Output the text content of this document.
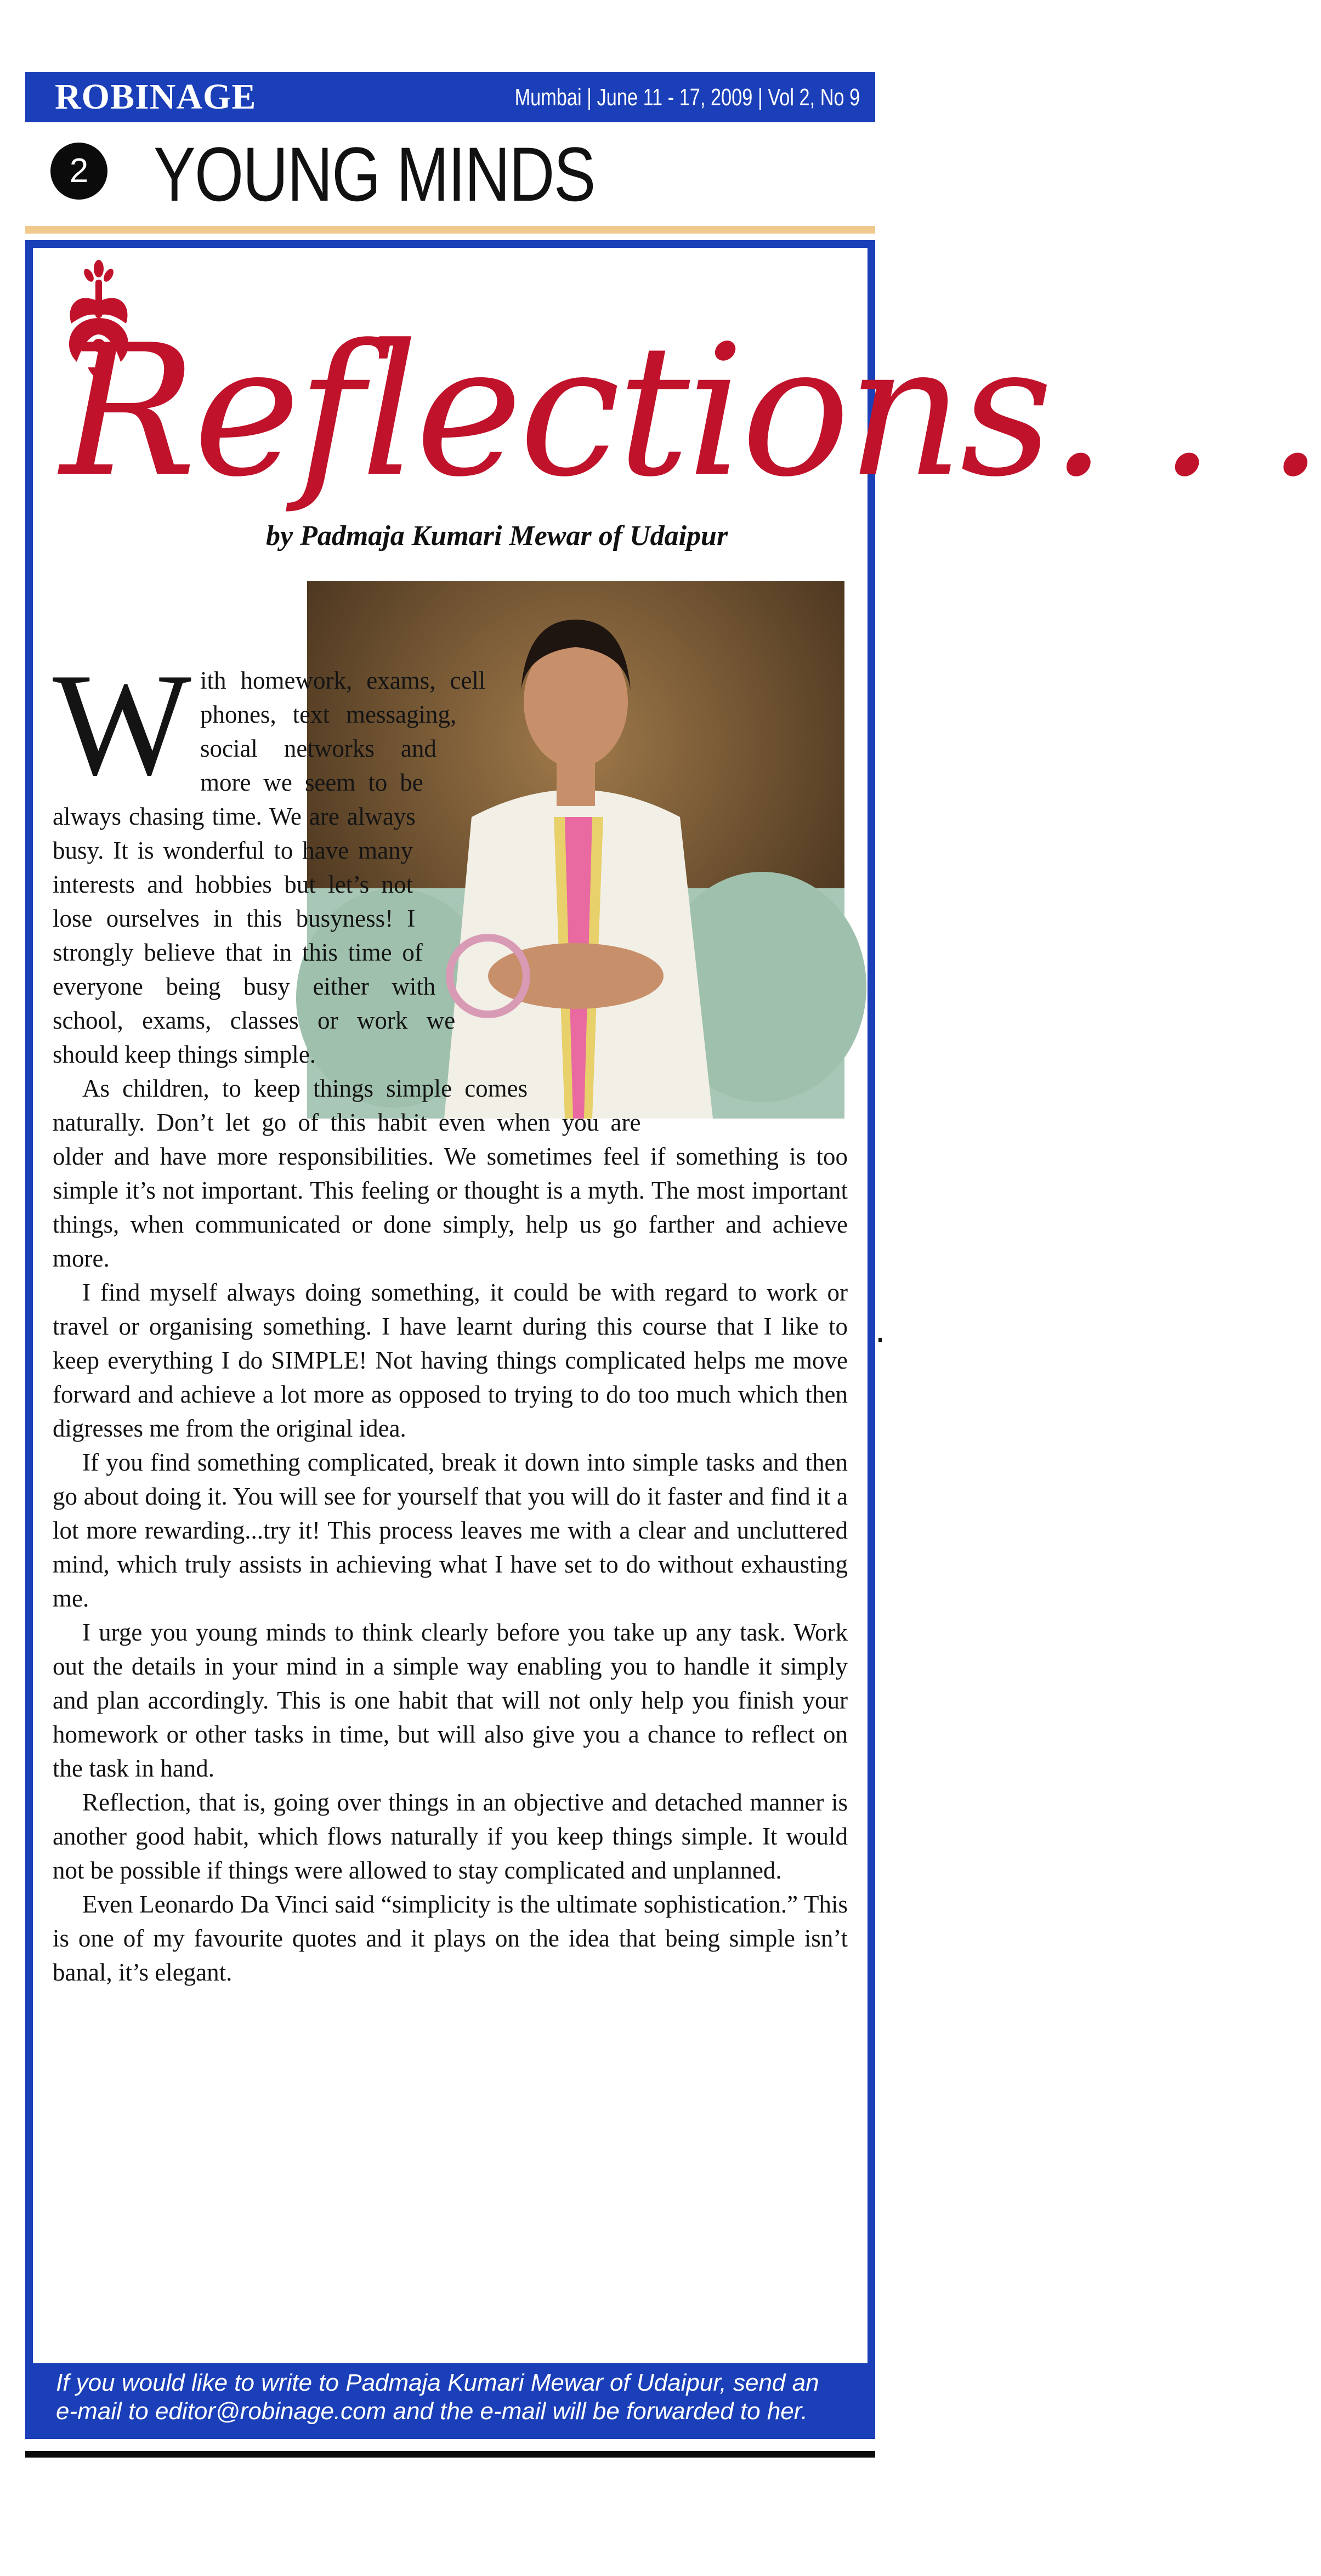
ROBINAGE	Mumbai | June 11 - 17, 2009 | Vol 2, No 9
2 YOUNG MINDS
Reflections. . .
by Padmaja Kumari Mewar of Udaipur
W ith homework, exams, cell phones, text messaging, social networks and more we seem to be always chasing time. We are always busy. It is wonderful to have many interests and hobbies but let’s not lose ourselves in this busyness! I strongly believe that in this time of everyone being busy either with school, exams, classes or work we should keep things simple.

As children, to keep things simple comes naturally. Don’t let go of this habit even when you are older and have more responsibilities. We sometimes feel if something is too simple it’s not important. This feeling or thought is a myth. The most important things, when communicated or done simply, help us go farther and achieve more.

I find myself always doing something, it could be with regard to work or travel or organising something. I have learnt during this course that I like to keep everything I do SIMPLE! Not having things complicated helps me move forward and achieve a lot more as opposed to trying to do too much which then digresses me from the original idea.

If you find something complicated, break it down into simple tasks and then go about doing it. You will see for yourself that you will do it faster and find it a lot more rewarding...try it! This process leaves me with a clear and uncluttered mind, which truly assists in achieving what I have set to do without exhausting me.

I urge you young minds to think clearly before you take up any task. Work out the details in your mind in a simple way enabling you to handle it simply and plan accordingly. This is one habit that will not only help you finish your homework or other tasks in time, but will also give you a chance to reflect on the task in hand.

Reflection, that is, going over things in an objective and detached manner is another good habit, which flows naturally if you keep things simple. It would not be possible if things were allowed to stay complicated and unplanned.

Even Leonardo Da Vinci said “simplicity is the ultimate sophistication.” This is one of my favourite quotes and it plays on the idea that being simple isn’t banal, it’s elegant.

If you would like to write to Padmaja Kumari Mewar of Udaipur, send an e-mail to editor@robinage.com and the e-mail will be forwarded to her.
